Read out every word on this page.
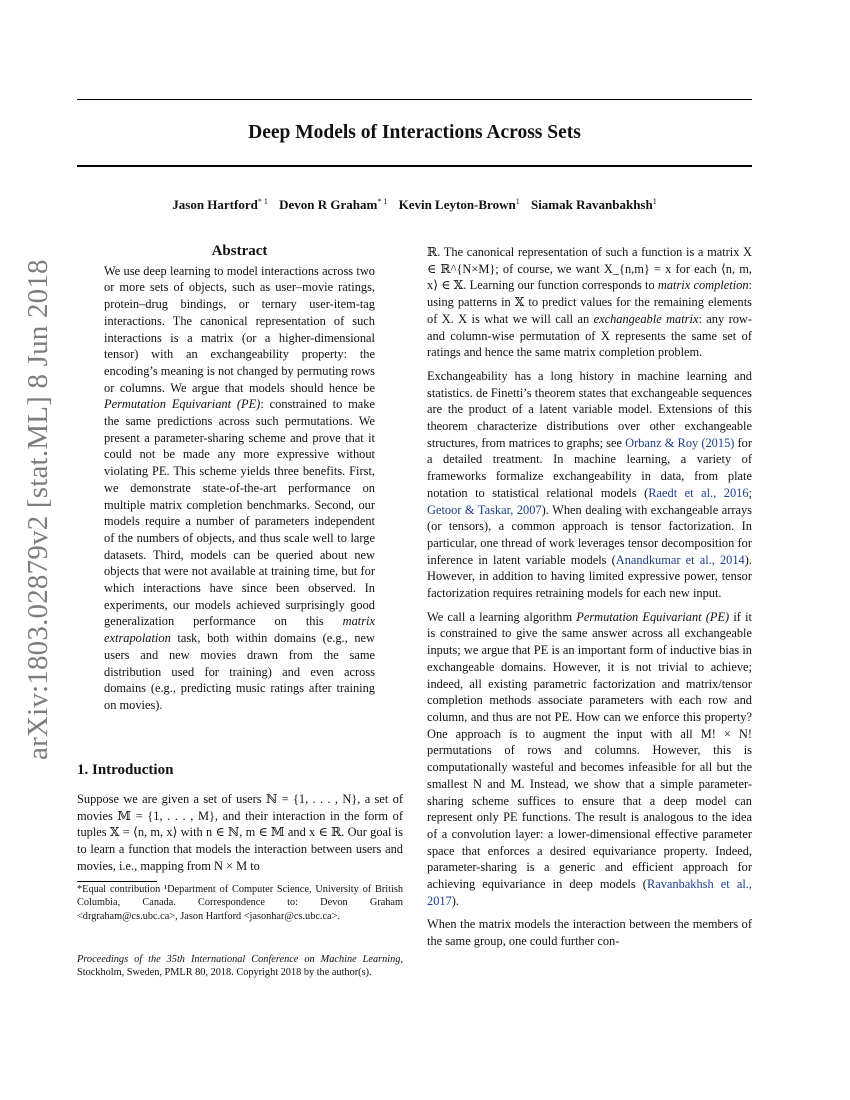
Deep Models of Interactions Across Sets
Jason Hartford$^{* 1}$ Devon R Graham$^{* 1}$ Kevin Leyton-Brown$^1$ Siamak Ravanbakhsh$^1$
arXiv:1803.02879v2 [stat.ML] 8 Jun 2018
Abstract

We use deep learning to model interactions across two or more sets of objects, such as user–movie ratings, protein–drug bindings, or ternary user-item-tag interactions. The canonical representation of such interactions is a matrix (or a higher-dimensional tensor) with an exchangeability property: the encoding’s meaning is not changed by permuting rows or columns. We argue that models should hence be Permutation Equivariant (PE): constrained to make the same predictions across such permutations. We present a parameter-sharing scheme and prove that it could not be made any more expressive without violating PE. This scheme yields three benefits. First, we demonstrate state-of-the-art performance on multiple matrix completion benchmarks. Second, our models require a number of parameters independent of the numbers of objects, and thus scale well to large datasets. Third, models can be queried about new objects that were not available at training time, but for which interactions have since been observed. In experiments, our models achieved surprisingly good generalization performance on this matrix extrapolation task, both within domains (e.g., new users and new movies drawn from the same distribution used for training) and even across domains (e.g., predicting music ratings after training on movies).

1. Introduction

Suppose we are given a set of users ℕ = {1, . . . , N}, a set of movies 𝕄 = {1, . . . , M}, and their interaction in the form of tuples 𝕏 = ⟨n, m, x⟩ with n ∈ ℕ, m ∈ 𝕄 and x ∈ ℝ. Our goal is to learn a function that models the interaction between users and movies, i.e., mapping from N × M to

*Equal contribution ¹Department of Computer Science, University of British Columbia, Canada. Correspondence to: Devon Graham <drgraham@cs.ubc.ca>, Jason Hartford <jasonhar@cs.ubc.ca>.

Proceedings of the 35th International Conference on Machine Learning, Stockholm, Sweden, PMLR 80, 2018. Copyright 2018 by the author(s).

ℝ. The canonical representation of such a function is a matrix X ∈ ℝ^{N×M}; of course, we want X_{n,m} = x for each ⟨n, m, x⟩ ∈ 𝕏. Learning our function corresponds to matrix completion: using patterns in 𝕏 to predict values for the remaining elements of X. X is what we will call an exchangeable matrix: any row- and column-wise permutation of X represents the same set of ratings and hence the same matrix completion problem.

Exchangeability has a long history in machine learning and statistics. de Finetti’s theorem states that exchangeable sequences are the product of a latent variable model. Extensions of this theorem characterize distributions over other exchangeable structures, from matrices to graphs; see Orbanz & Roy (2015) for a detailed treatment. In machine learning, a variety of frameworks formalize exchangeability in data, from plate notation to statistical relational models (Raedt et al., 2016; Getoor & Taskar, 2007). When dealing with exchangeable arrays (or tensors), a common approach is tensor factorization. In particular, one thread of work leverages tensor decomposition for inference in latent variable models (Anandkumar et al., 2014). However, in addition to having limited expressive power, tensor factorization requires retraining models for each new input.

We call a learning algorithm Permutation Equivariant (PE) if it is constrained to give the same answer across all exchangeable inputs; we argue that PE is an important form of inductive bias in exchangeable domains. However, it is not trivial to achieve; indeed, all existing parametric factorization and matrix/tensor completion methods associate parameters with each row and column, and thus are not PE. How can we enforce this property? One approach is to augment the input with all M! × N! permutations of rows and columns. However, this is computationally wasteful and becomes infeasible for all but the smallest N and M. Instead, we show that a simple parameter-sharing scheme suffices to ensure that a deep model can represent only PE functions. The result is analogous to the idea of a convolution layer: a lower-dimensional effective parameter space that enforces a desired equivariance property. Indeed, parameter-sharing is a generic and efficient approach for achieving equivariance in deep models (Ravanbakhsh et al., 2017).

When the matrix models the interaction between the members of the same group, one could further con-
